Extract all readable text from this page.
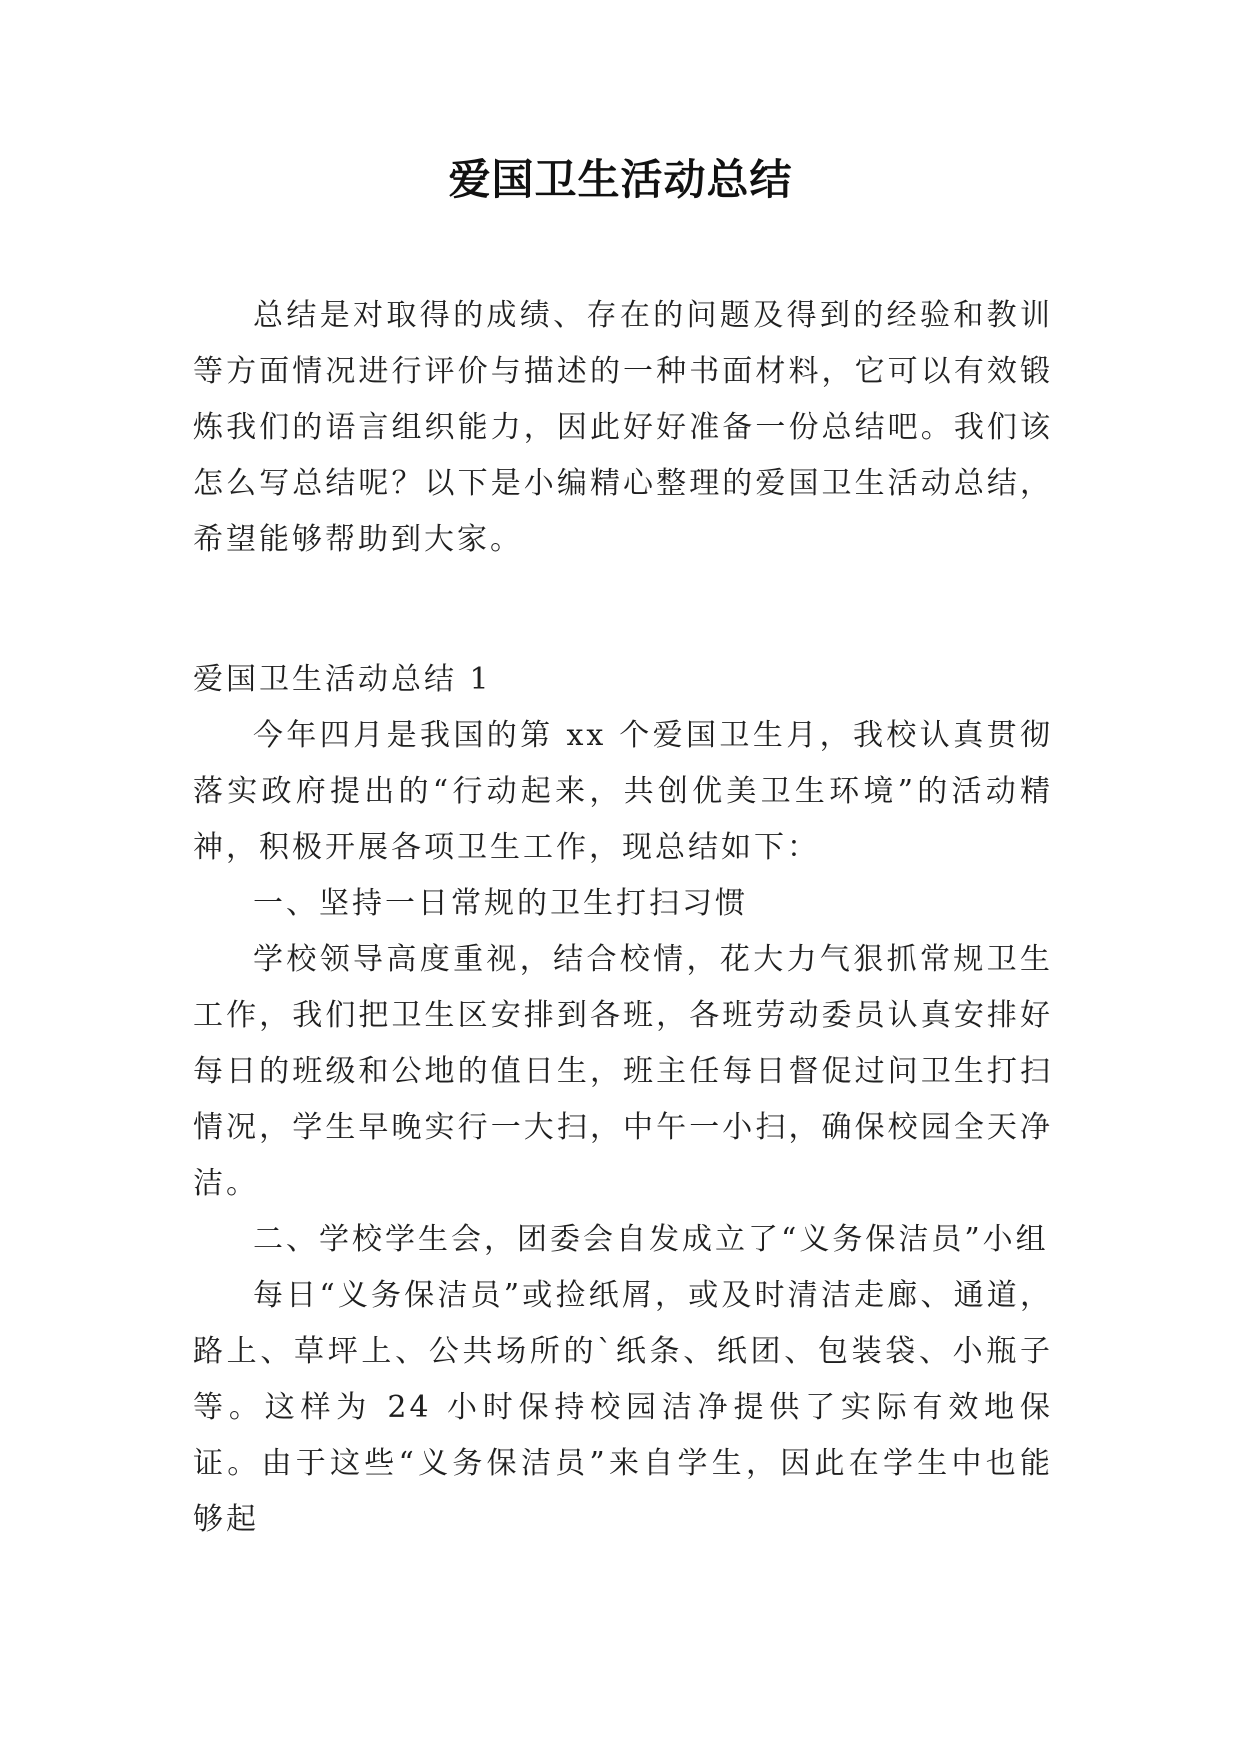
爱国卫生活动总结

总结是对取得的成绩、存在的问题及得到的经验和教训等方面情况进行评价与描述的一种书面材料，它可以有效锻炼我们的语言组织能力，因此好好准备一份总结吧。我们该怎么写总结呢？以下是小编精心整理的爱国卫生活动总结，希望能够帮助到大家。

爱国卫生活动总结 1

今年四月是我国的第 xx 个爱国卫生月，我校认真贯彻落实政府提出的“行动起来，共创优美卫生环境”的活动精神，积极开展各项卫生工作，现总结如下：

一、坚持一日常规的卫生打扫习惯

学校领导高度重视，结合校情，花大力气狠抓常规卫生工作，我们把卫生区安排到各班，各班劳动委员认真安排好每日的班级和公地的值日生，班主任每日督促过问卫生打扫情况，学生早晚实行一大扫，中午一小扫，确保校园全天净洁。

二、学校学生会，团委会自发成立了“义务保洁员”小组

每日“义务保洁员”或捡纸屑，或及时清洁走廊、通道，路上、草坪上、公共场所的`纸条、纸团、包装袋、小瓶子等。这样为 24 小时保持校园洁净提供了实际有效地保证。由于这些“义务保洁员”来自学生，因此在学生中也能够起
